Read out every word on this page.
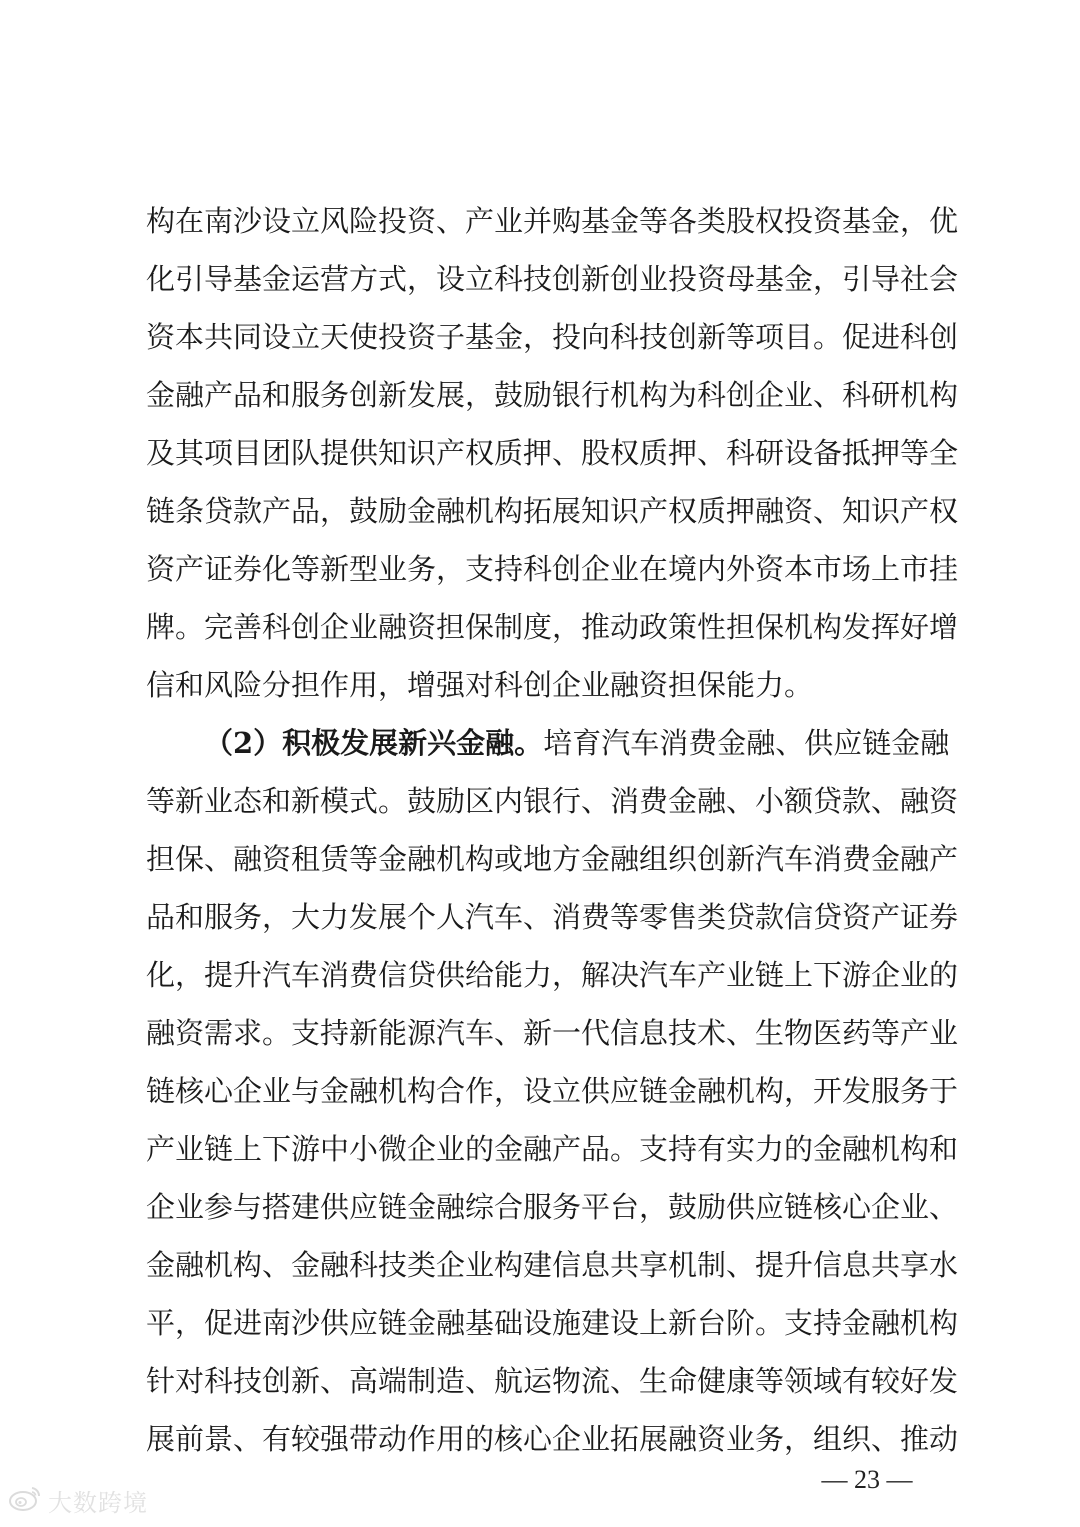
构在南沙设立风险投资、产业并购基金等各类股权投资基金，优
化引导基金运营方式，设立科技创新创业投资母基金，引导社会
资本共同设立天使投资子基金，投向科技创新等项目。促进科创
金融产品和服务创新发展，鼓励银行机构为科创企业、科研机构
及其项目团队提供知识产权质押、股权质押、科研设备抵押等全
链条贷款产品，鼓励金融机构拓展知识产权质押融资、知识产权
资产证券化等新型业务，支持科创企业在境内外资本市场上市挂
牌。完善科创企业融资担保制度，推动政策性担保机构发挥好增
信和风险分担作用，增强对科创企业融资担保能力。
（2）积极发展新兴金融。培育汽车消费金融、供应链金融
等新业态和新模式。鼓励区内银行、消费金融、小额贷款、融资
担保、融资租赁等金融机构或地方金融组织创新汽车消费金融产
品和服务，大力发展个人汽车、消费等零售类贷款信贷资产证券
化，提升汽车消费信贷供给能力，解决汽车产业链上下游企业的
融资需求。支持新能源汽车、新一代信息技术、生物医药等产业
链核心企业与金融机构合作，设立供应链金融机构，开发服务于
产业链上下游中小微企业的金融产品。支持有实力的金融机构和
企业参与搭建供应链金融综合服务平台，鼓励供应链核心企业、
金融机构、金融科技类企业构建信息共享机制、提升信息共享水
平，促进南沙供应链金融基础设施建设上新台阶。支持金融机构
针对科技创新、高端制造、航运物流、生命健康等领域有较好发
展前景、有较强带动作用的核心企业拓展融资业务，组织、推动
— 23 —
大数跨境
